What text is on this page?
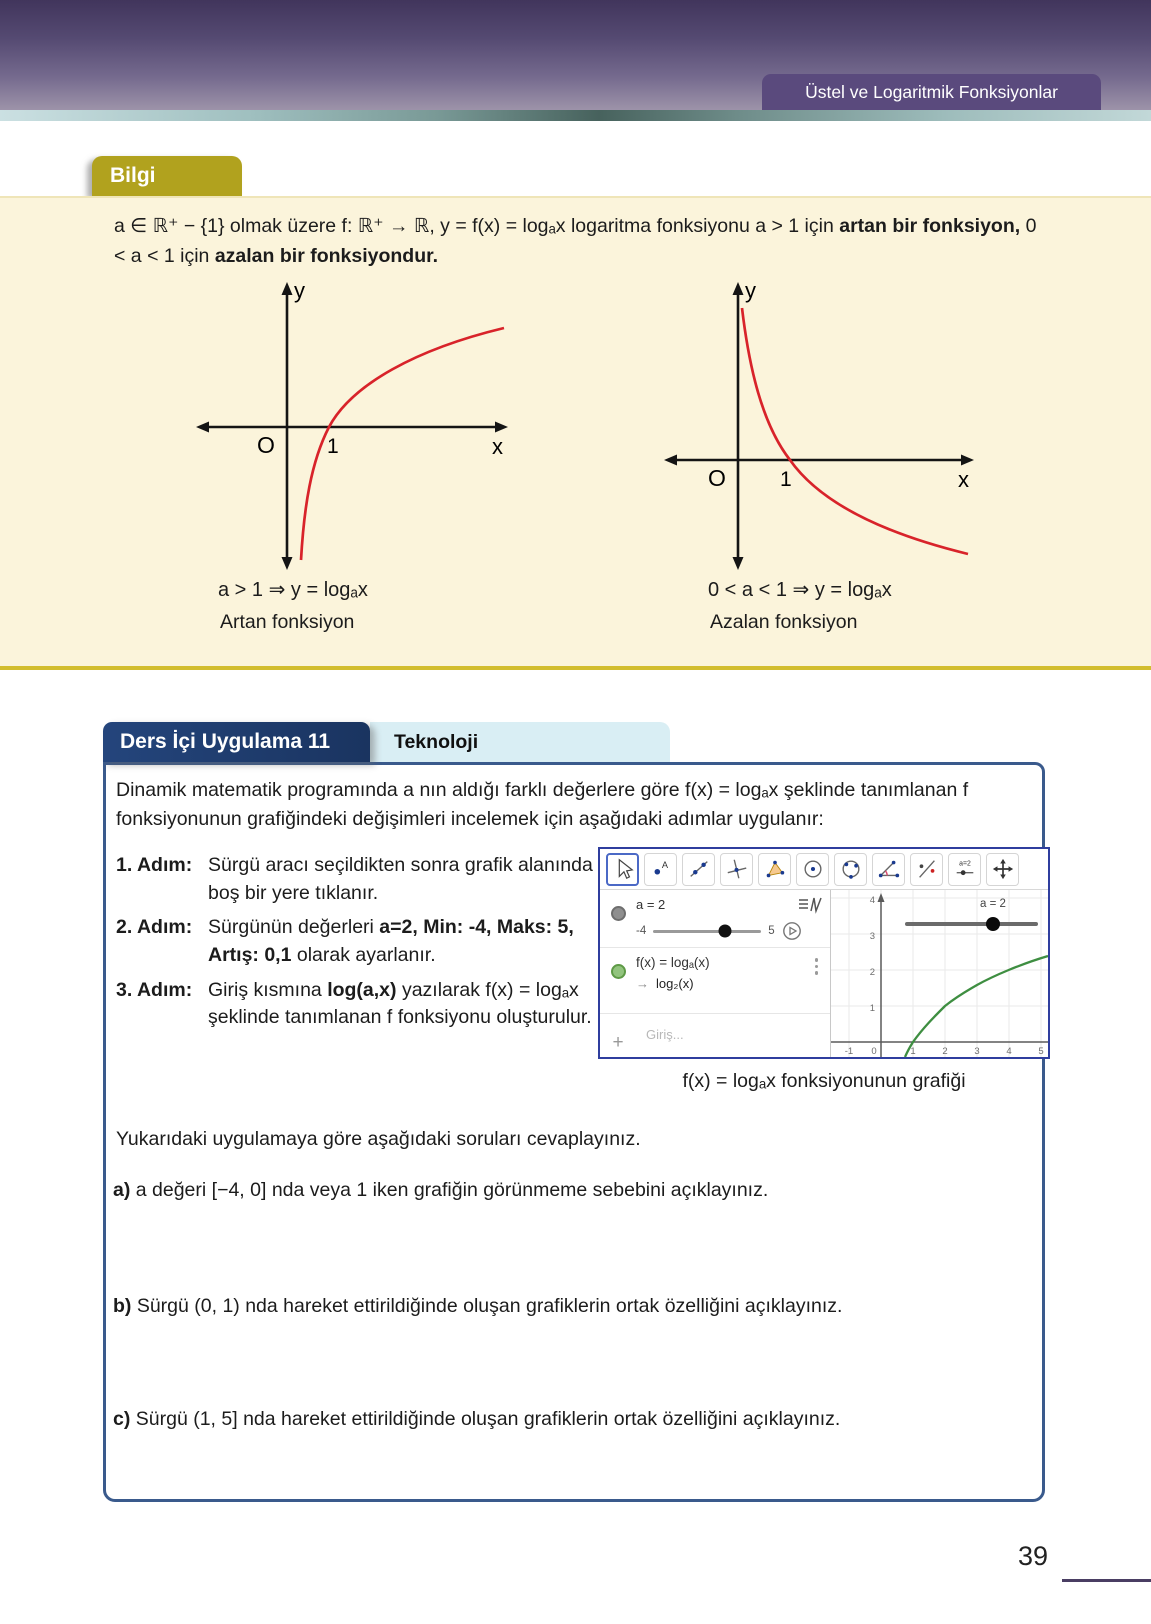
Üstel ve Logaritmik Fonksiyonlar
Bilgi
a ∈ ℝ⁺ − {1} olmak üzere f: ℝ⁺ → ℝ, y = f(x) = logₐx logaritma fonksiyonu a > 1 için artan bir fonksiyon, 0 < a < 1 için azalan bir fonksiyondur.
y
x
O 1
a > 1 ⇒ y = logₐx
Artan fonksiyon
y
x
O	1
0 < a < 1 ⇒ y = logₐx
Azalan fonksiyon
Teknoloji
Ders İçi Uygulama 11
Dinamik matematik programında a nın aldığı farklı değerlere göre f(x) = logₐx şeklinde tanımlanan f fonksiyonunun grafiğindeki değişimleri incelemek için aşağıdaki adımlar uygulanır:
1. Adım: Sürgü aracı seçildikten sonra grafik alanında boş bir yere tıklanır.
2. Adım: Sürgünün değerleri a=2, Min: -4, Maks: 5, Artış: 0,1 olarak ayarlanır.
3. Adım: Giriş kısmına log(a,x) yazılarak f(x) = logₐx şeklinde tanımlanan f fonksiyonu oluşturulur.
A	a=2
a = 2
-4	5
f(x) = logₐ(x)
→ log₂(x)
+	Giriş...
a = 2
4
3
2
1
-1 0	1	2	3	4	5
f(x) = logₐx fonksiyonunun grafiği
Yukarıdaki uygulamaya göre aşağıdaki soruları cevaplayınız.
a) a değeri [−4, 0] nda veya 1 iken grafiğin görünmeme sebebini açıklayınız.
b) Sürgü (0, 1) nda hareket ettirildiğinde oluşan grafiklerin ortak özelliğini açıklayınız.
c) Sürgü (1, 5] nda hareket ettirildiğinde oluşan grafiklerin ortak özelliğini açıklayınız.
39
